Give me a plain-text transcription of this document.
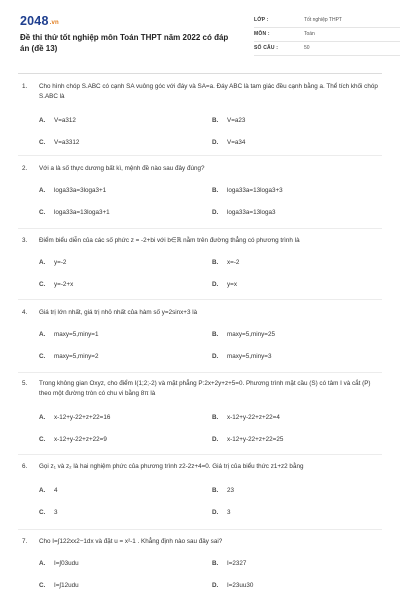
2048.vn
Đề thi thử tốt nghiệp môn Toán THPT năm 2022 có đáp án (đề 13)
LỚP :	Tốt nghiệp THPT
MÔN :	Toán
SỐ CÂU :	50
1. Cho hình chóp S.ABC có cạnh SA vuông góc với đáy và SA=a. Đáy ABC là tam giác đều cạnh bằng a. Thể tích khối chóp S.ABC là
A. V=a312	B. V=a23
C. V=a3312	D. V=a34
2. Với a là số thực dương bất kì, mệnh đề nào sau đây đúng?
A. loga33a=3loga3+1	B. loga33a=13loga3+3
C. loga33a=13loga3+1	D. loga33a=13loga3
3. Điểm biểu diễn của các số phức z = -2+bi với b∈ℝ nằm trên đường thẳng có phương trình là
A. y=-2	B. x=-2
C. y=-2+x	D. y=x
4. Giá trị lớn nhất, giá trị nhỏ nhất của hàm số y=2sinx+3 là
A. maxy=5,miny=1	B. maxy=5,miny=25
C. maxy=5,miny=2	D. maxy=5,miny=3
5. Trong không gian Oxyz, cho điểm I(1;2;-2) và mặt phẳng P:2x+2y+z+5=0. Phương trình mặt cầu (S) có tâm I và cắt (P) theo một đường tròn có chu vi bằng 8π là
A. x-12+y-22+z+22=16	B. x-12+y-22+z+22=4
C. x-12+y-22+z+22=9	D. x-12+y-22+z+22=25
6. Gọi z₁ và z₂ là hai nghiệm phức của phương trình z2-2z+4=0. Giá trị của biểu thức z1+z2 bằng
A. 4	B. 23
C. 3	D. 3
7. Cho I=∫122xx2−1dx và đặt u = x²-1 . Khẳng định nào sau đây sai?
A. I=∫03udu	B. I=2327
C. I=∫12udu	D. I=23uu30
